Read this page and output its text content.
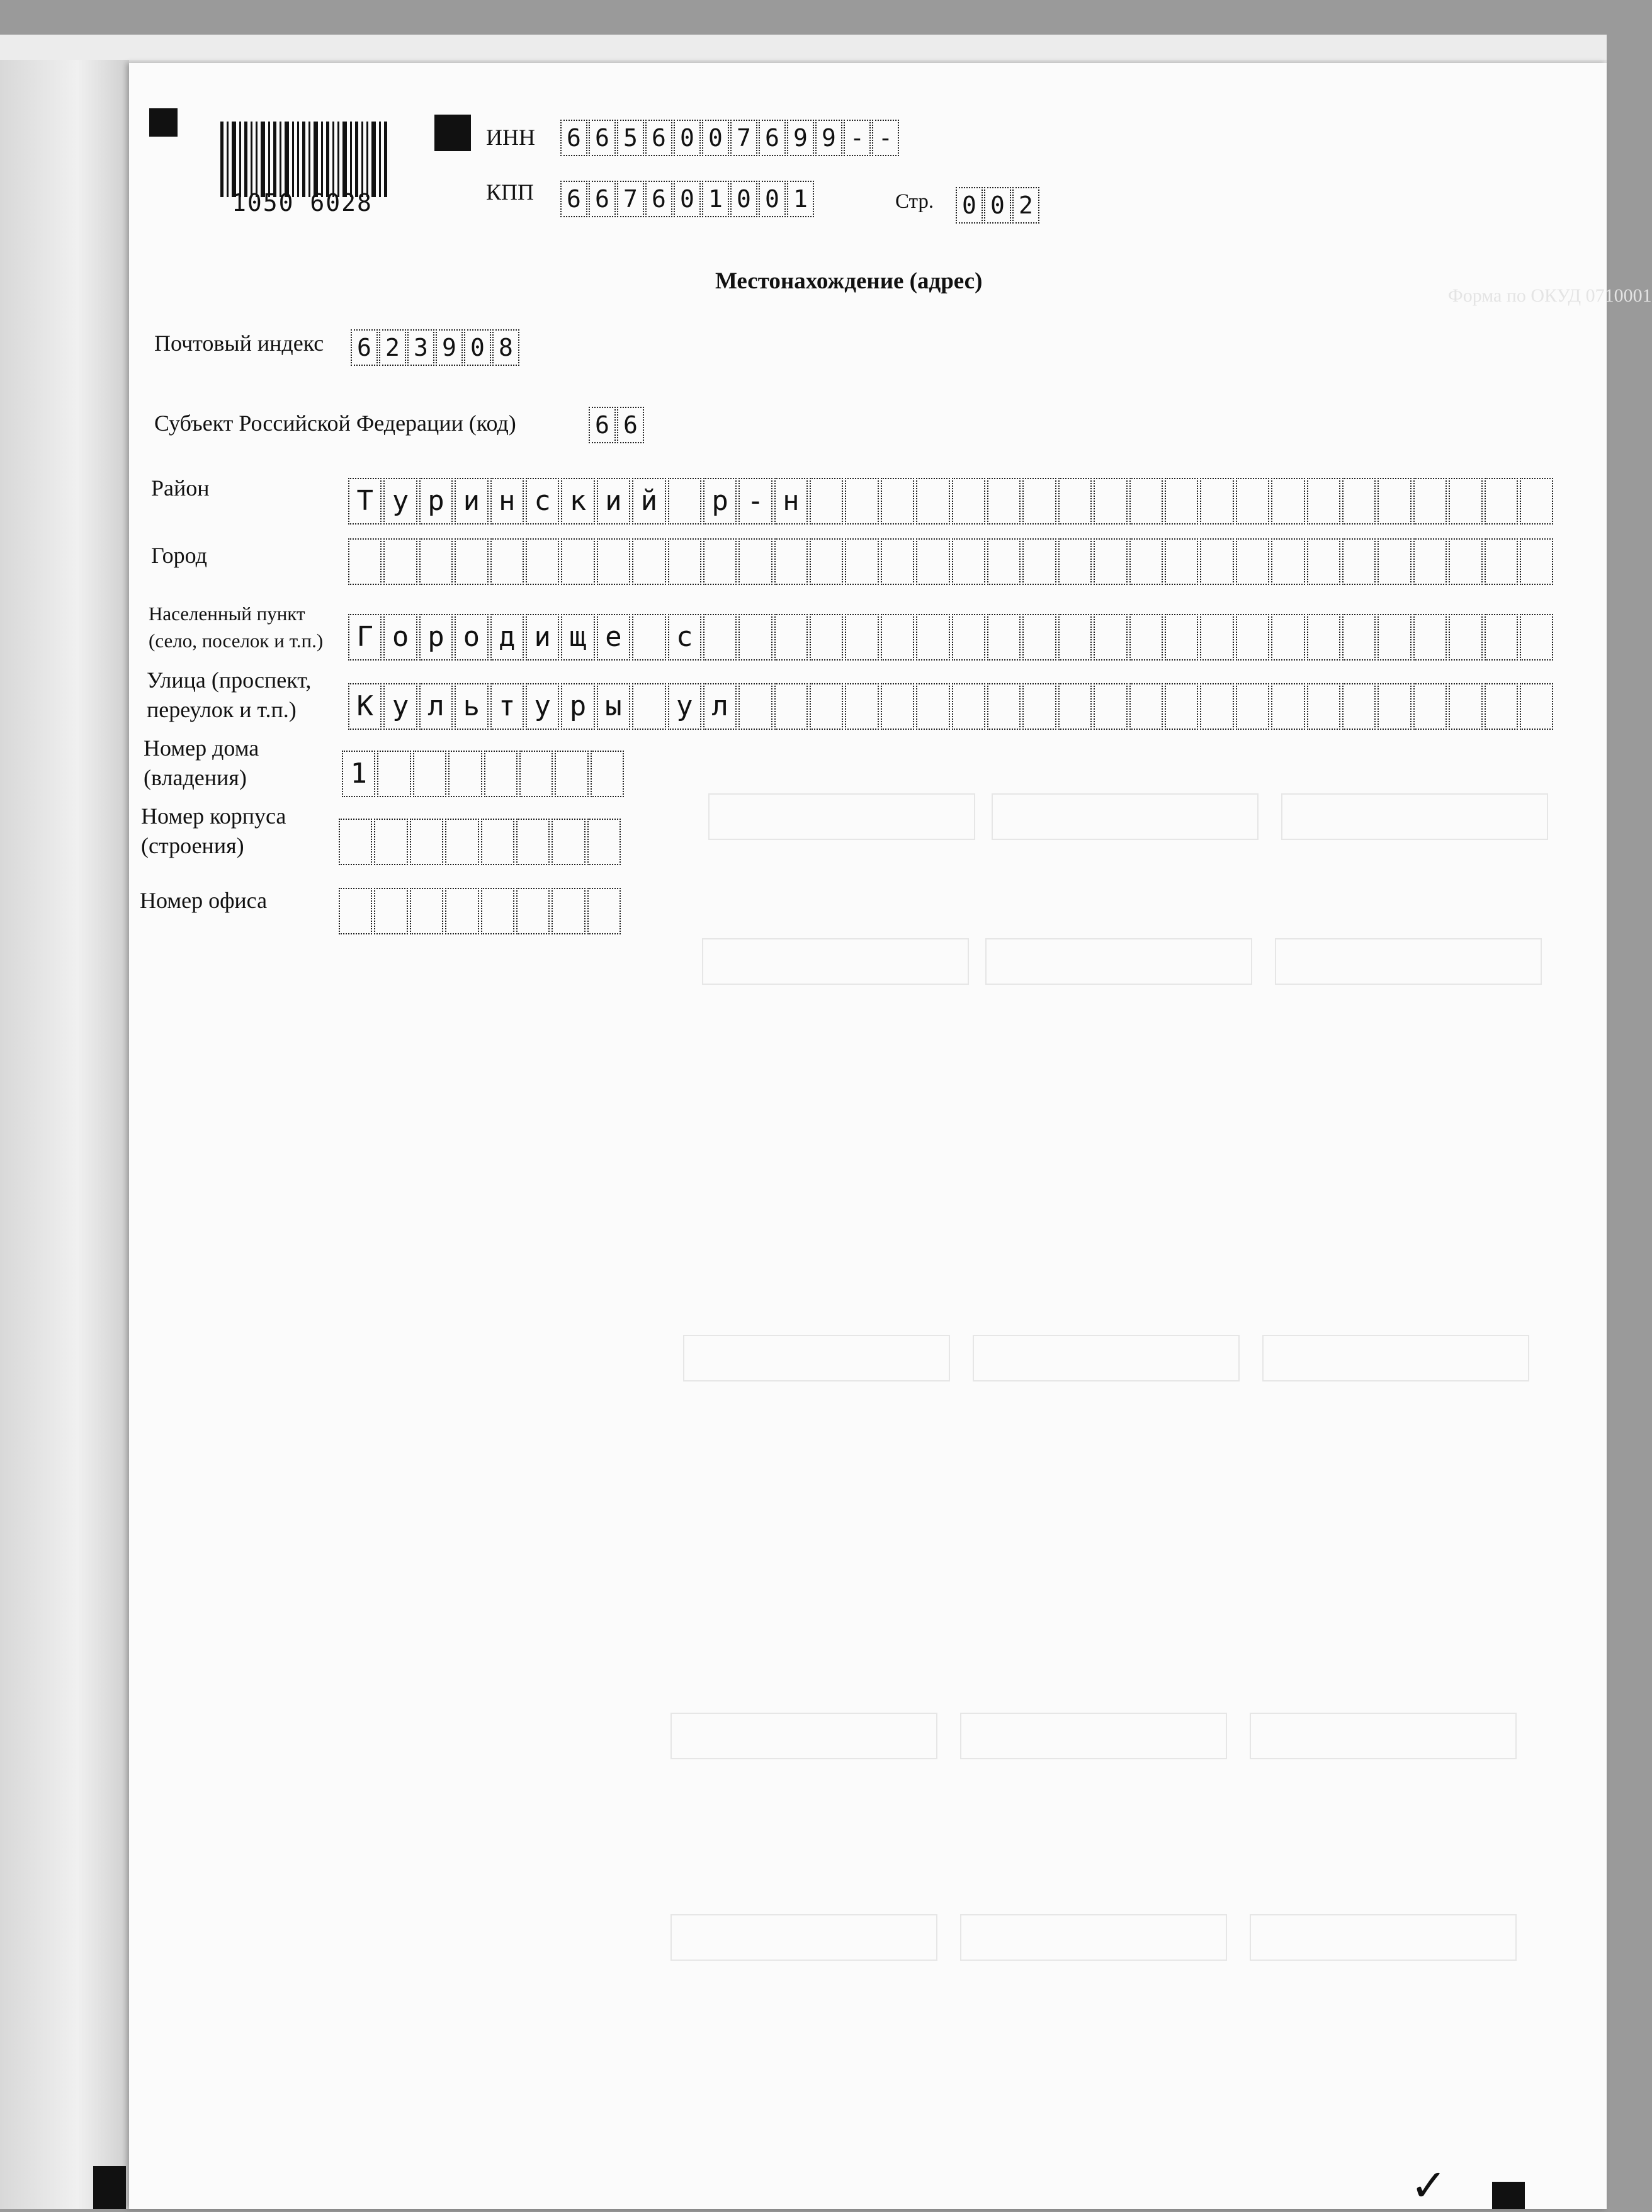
Форма по ОКУД 0710001
✓
1050 6028
ИНН 6 6 5 6 0 0 7 6 9 9 - -
КПП 6 6 7 6 0 1 0 0 1	Стр. 0 0 2
Местонахождение (адрес)
Почтовый индекс 6 2 3 9 0 8
Субъект Российской Федерации (код)	6 6
Район	Т у р и н с к и й	р - н
Город
Населенный пункт
(село, поселок и т.п.)	Г о р о д и щ е	с
Улица (проспект,
переулок и т.п.)	К у л ь т у р ы	у л
Номер дома
(владения)	1
Номер корпуса
(строения)
Номер офиса
